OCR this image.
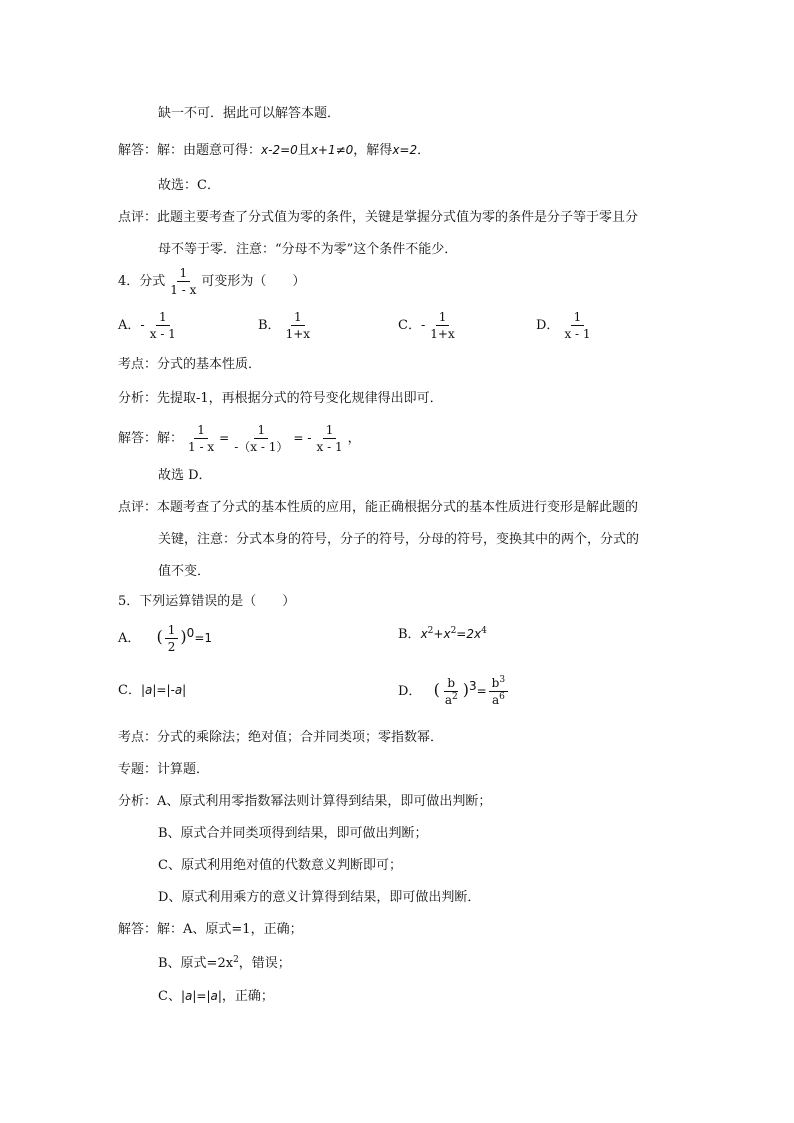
缺一不可．据此可以解答本题．
解答：解：由题意可得：x-2=0且x+1≠0，解得x=2．
故选：C．
点评：此题主要考查了分式值为零的条件，关键是掌握分式值为零的条件是分子等于零且分
母不等于零．注意：“分母不为零”这个条件不能少．
4．分式 $\frac{1}{1 - x}$ 可变形为（　　）
A．- $\frac{1}{x - 1}$	B． $\frac{1}{1+x}$	C．- $\frac{1}{1+x}$	D． $\frac{1}{x - 1}$
考点：分式的基本性质．
分析：先提取-1，再根据分式的符号变化规律得出即可．
解答：解： $\frac{1}{1 - x} = \frac{1}{-(x - 1)}$ = - $\frac{1}{x - 1}$ ，
故选 D．
点评：本题考查了分式的基本性质的应用，能正确根据分式的基本性质进行变形是解此题的
关键，注意：分式本身的符号，分子的符号，分母的符号，变换其中的两个，分式的
值不变．
5．下列运算错误的是（　　）
A． ( $\frac{1}{2} )^0=1$	B．$x^2+x^2=2x^4$
C．|a|=|-a|	D． ( $\frac{b}{a^2} )^3= \frac{b^3}{a^6}$
考点：分式的乘除法；绝对值；合并同类项；零指数幂．
专题：计算题．
分析：A、原式利用零指数幂法则计算得到结果，即可做出判断；
B、原式合并同类项得到结果，即可做出判断；
C、原式利用绝对值的代数意义判断即可；
D、原式利用乘方的意义计算得到结果，即可做出判断．
解答：解：A、原式=1，正确；
B、原式$=2x^2$，错误；
C、|a|=|a|，正确；
